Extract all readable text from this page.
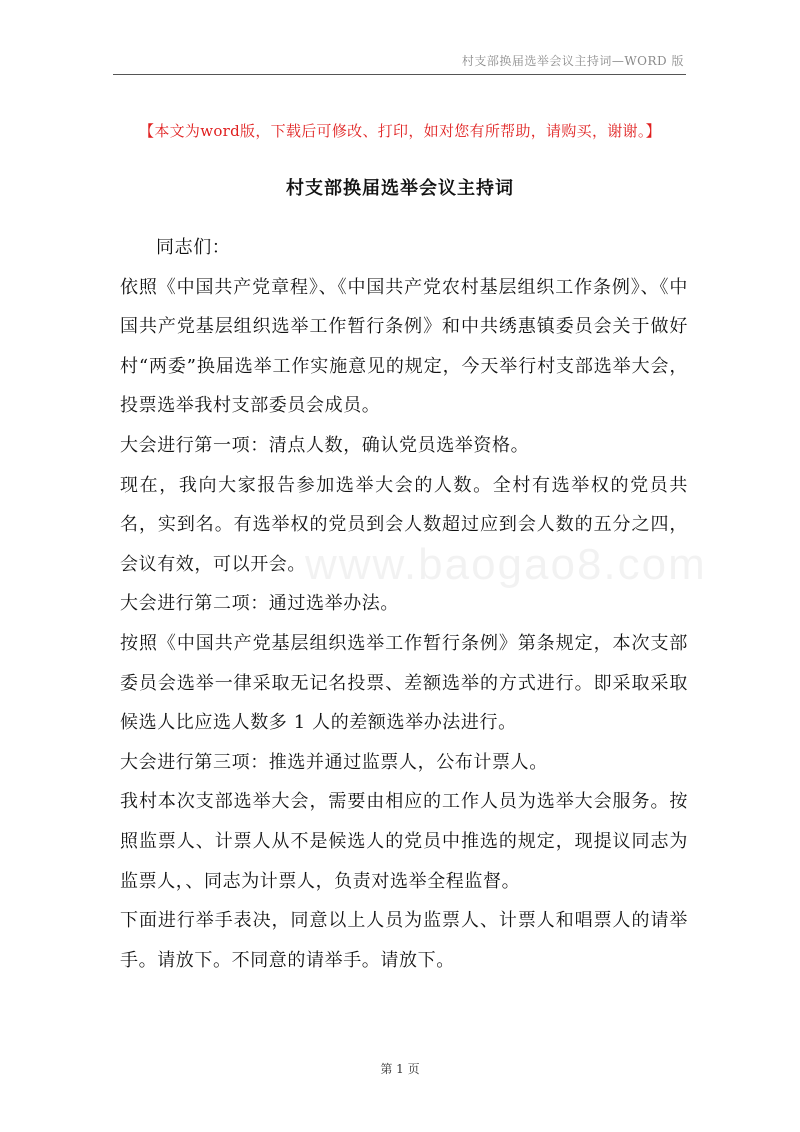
村支部换届选举会议主持词—WORD 版
【本文为word版，下载后可修改、打印，如对您有所帮助，请购买，谢谢。】
村支部换届选举会议主持词

同志们：

依照《中国共产党章程》、《中国共产党农村基层组织工作条例》、《中国共产党基层组织选举工作暂行条例》和中共绣惠镇委员会关于做好村“两委”换届选举工作实施意见的规定，今天举行村支部选举大会，投票选举我村支部委员会成员。

大会进行第一项：清点人数，确认党员选举资格。

现在，我向大家报告参加选举大会的人数。全村有选举权的党员共名，实到名。有选举权的党员到会人数超过应到会人数的五分之四，会议有效，可以开会。

大会进行第二项：通过选举办法。

按照《中国共产党基层组织选举工作暂行条例》第条规定，本次支部委员会选举一律采取无记名投票、差额选举的方式进行。即采取采取候选人比应选人数多 1 人的差额选举办法进行。

大会进行第三项：推选并通过监票人，公布计票人。

我村本次支部选举大会，需要由相应的工作人员为选举大会服务。按照监票人、计票人从不是候选人的党员中推选的规定，现提议同志为监票人，、同志为计票人，负责对选举全程监督。

下面进行举手表决，同意以上人员为监票人、计票人和唱票人的请举手。请放下。不同意的请举手。请放下。

www.baogao8.com
第 1 页
